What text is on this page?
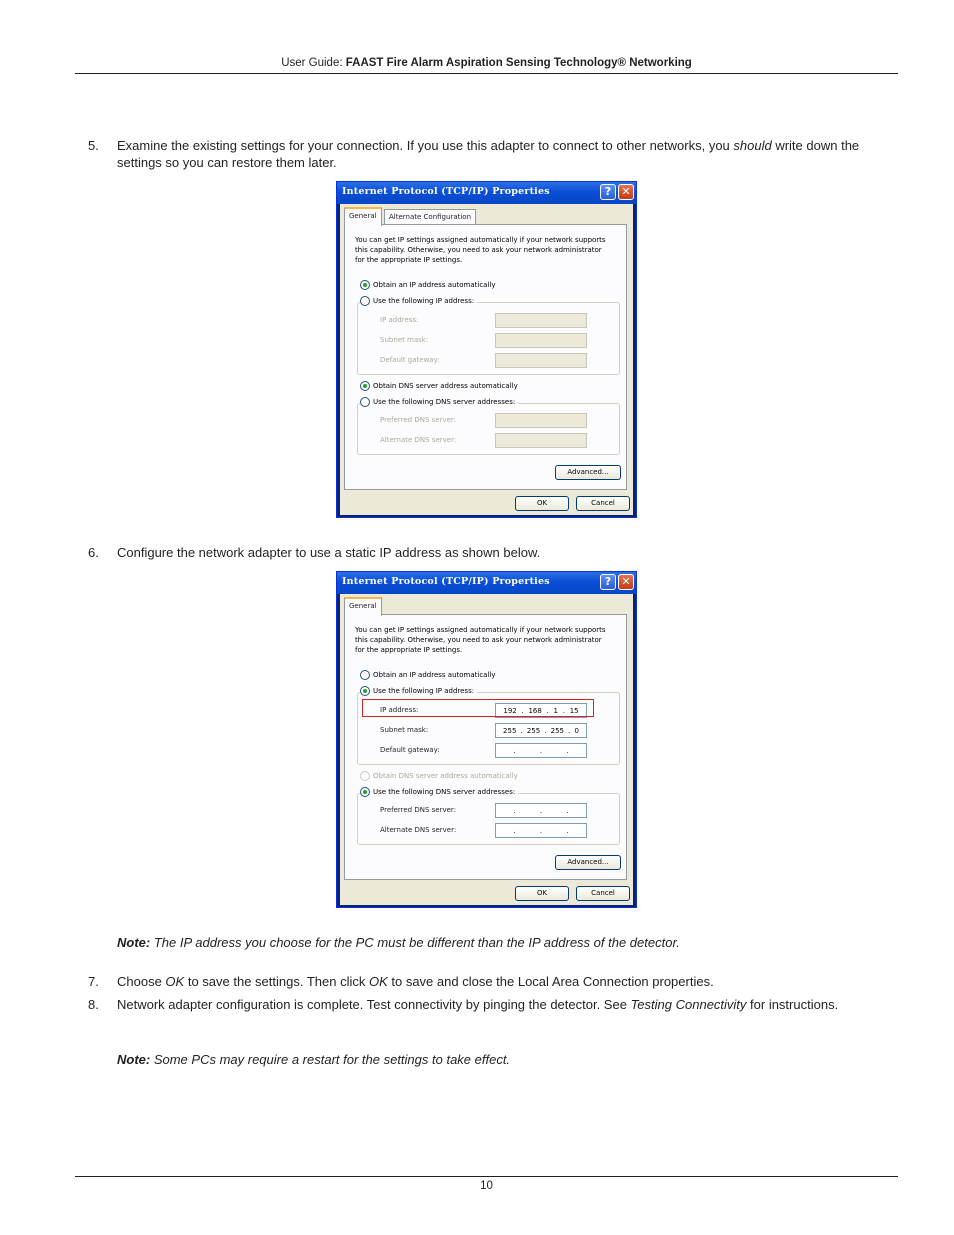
User Guide: FAAST Fire Alarm Aspiration Sensing Technology® Networking
5.	Examine the existing settings for your connection. If you use this adapter to connect to other networks, you should write down the settings so you can restore them later.
Internet Protocol (TCP/IP) Properties	? ✕
General	Alternate Configuration
You can get IP settings assigned automatically if your network supports this capability. Otherwise, you need to ask your network administrator for the appropriate IP settings.
Obtain an IP address automatically
IP address:
Subnet mask:
Default gateway:
Use the following IP address:
Obtain DNS server address automatically
Preferred DNS server:
Alternate DNS server:
Use the following DNS server addresses:
Advanced...
OK	Cancel
6.	Configure the network adapter to use a static IP address as shown below.
Internet Protocol (TCP/IP) Properties	? ✕
General
You can get IP settings assigned automatically if your network supports this capability. Otherwise, you need to ask your network administrator for the appropriate IP settings.
Obtain an IP address automatically
IP address:	192 . 168 . 1 . 15
Subnet mask:	255 . 255 . 255 . 0
Default gateway:	.	.	.
Use the following IP address:
Obtain DNS server address automatically
Preferred DNS server:	.	.	.
Alternate DNS server:	.	.	.
Use the following DNS server addresses:
Advanced...
OK	Cancel
Note: The IP address you choose for the PC must be different than the IP address of the detector.
7.	Choose OK to save the settings. Then click OK to save and close the Local Area Connection properties.
8.	Network adapter configuration is complete. Test connectivity by pinging the detector. See Testing Connectivity for instructions.
Note: Some PCs may require a restart for the settings to take effect.
10
